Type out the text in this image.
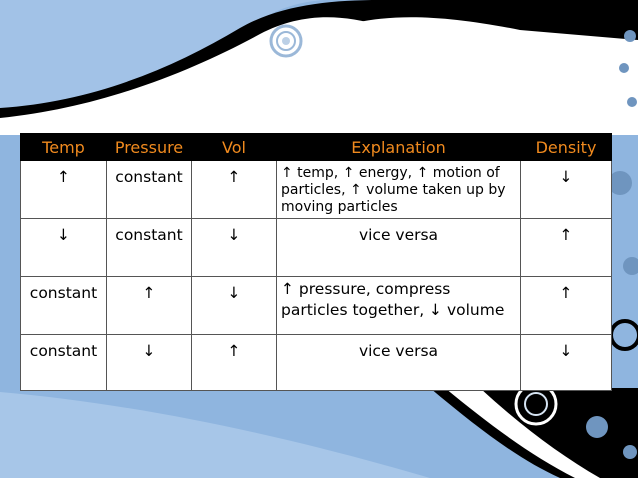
Temp	Pressure	Vol	Explanation	Density
↑	constant	↑	↑ temp, ↑ energy, ↑ motion of particles, ↑ volume taken up by moving particles	↓
↓	constant	↓	vice versa	↑
constant	↑	↓	↑ pressure, compress particles together, ↓ volume	↑
constant	↓	↑	vice versa	↓
